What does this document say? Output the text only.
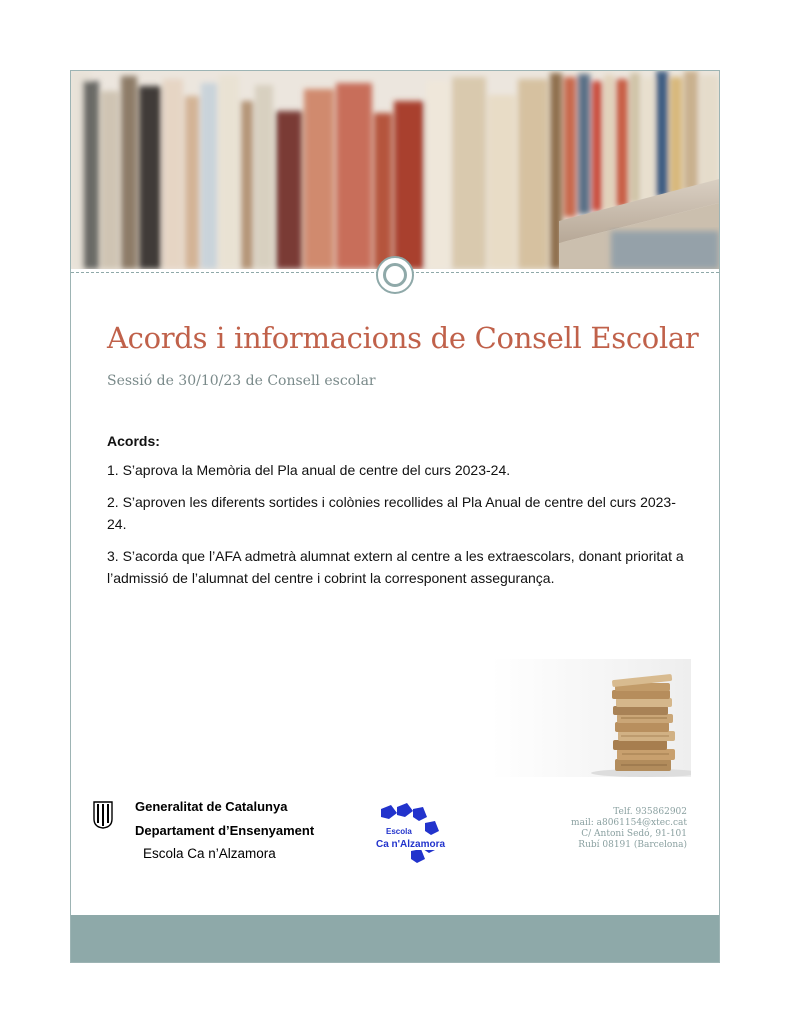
Acords i informacions de Consell Escolar
Sessió de 30/10/23 de Consell escolar
Acords:
1. S’aprova la Memòria del Pla anual de centre del curs 2023-24.
2. S’aproven les diferents sortides i colònies recollides al Pla Anual de centre del curs 2023-24.
3. S’acorda que l’AFA admetrà alumnat extern al centre a les extraescolars, donant prioritat a l’admissió de l’alumnat del centre i cobrint la corresponent assegurança.
Generalitat de Catalunya
Departament d’Ensenyament
Escola Ca n’Alzamora
Escola
Ca n'Alzamora
Telf. 935862902
mail: a8061154@xtec.cat
C/ Antoni Sedó, 91-101
Rubí 08191 (Barcelona)
